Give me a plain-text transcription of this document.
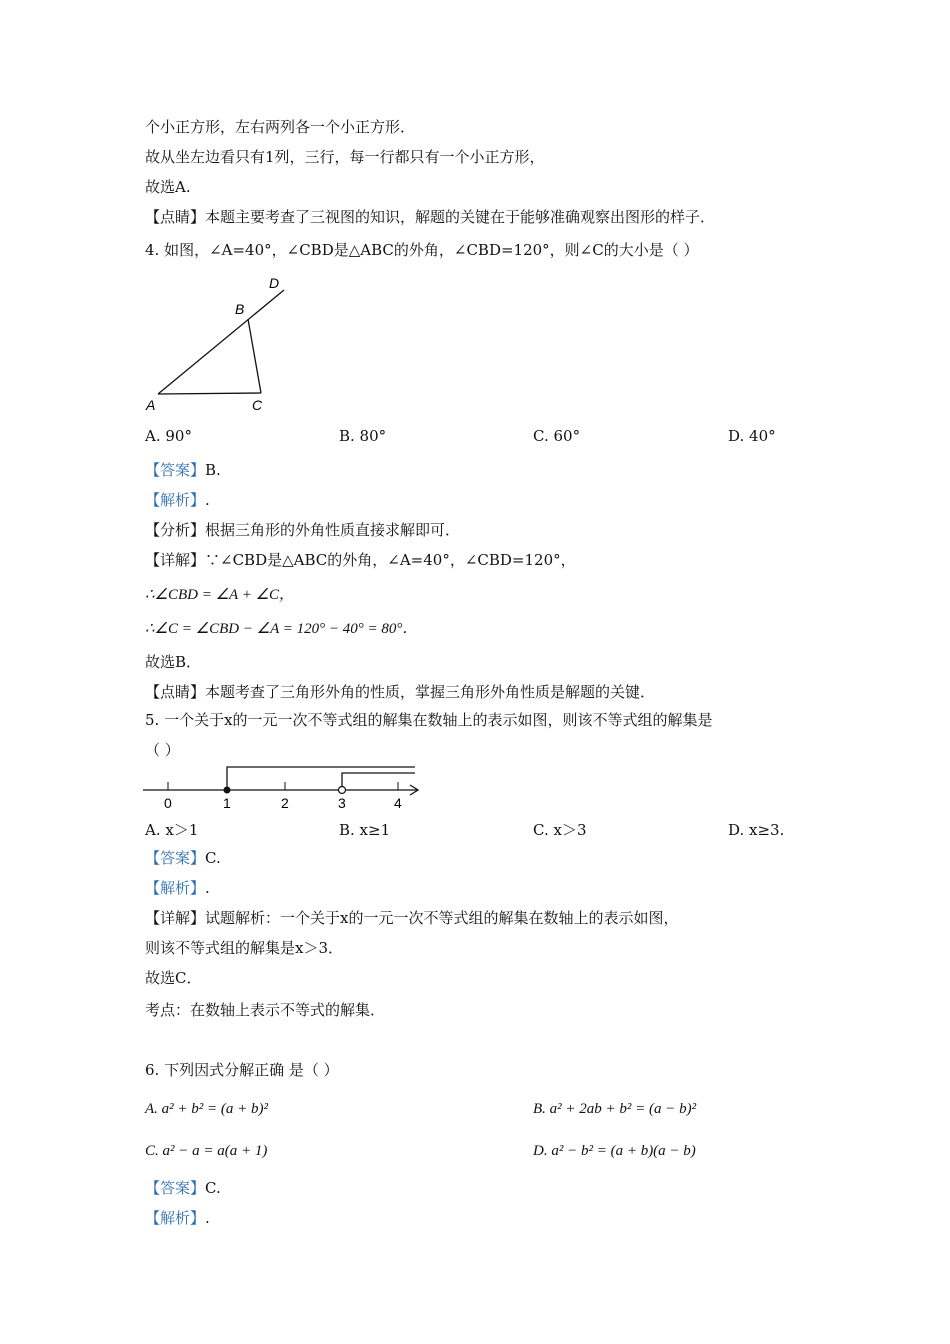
个小正方形，左右两列各一个小正方形．
故从坐左边看只有1列，三行，每一行都只有一个小正方形，
故选A.
【点睛】本题主要考查了三视图的知识，解题的关键在于能够准确观察出图形的样子．
4. 如图，∠A=40°，∠CBD是△ABC的外角，∠CBD=120°，则∠C的大小是（ ）
A
B
C
D
A. 90°	B. 80°	C. 60°	D. 40°
【答案】B.
【解析】.
【分析】根据三角形的外角性质直接求解即可．
【详解】∵∠CBD是△ABC的外角，∠A=40°，∠CBD=120°，
∴∠CBD = ∠A + ∠C，
∴∠C = ∠CBD − ∠A = 120° − 40° = 80°．
故选B．
【点睛】本题考查了三角形外角的性质，掌握三角形外角性质是解题的关键．
5. 一个关于x的一元一次不等式组的解集在数轴上的表示如图，则该不等式组的解集是
（ ）
0	1	2	3	4
A. x＞1	B. x≥1	C. x＞3	D. x≥3.
【答案】C.
【解析】.
【详解】试题解析：一个关于x的一元一次不等式组的解集在数轴上的表示如图，
则该不等式组的解集是x＞3．
故选C．
考点：在数轴上表示不等式的解集．
6. 下列因式分解正确 是（ ）
A. a² + b² = (a + b)²	B. a² + 2ab + b² = (a − b)²
C. a² − a = a(a + 1)	D. a² − b² = (a + b)(a − b)
【答案】C.
【解析】.
